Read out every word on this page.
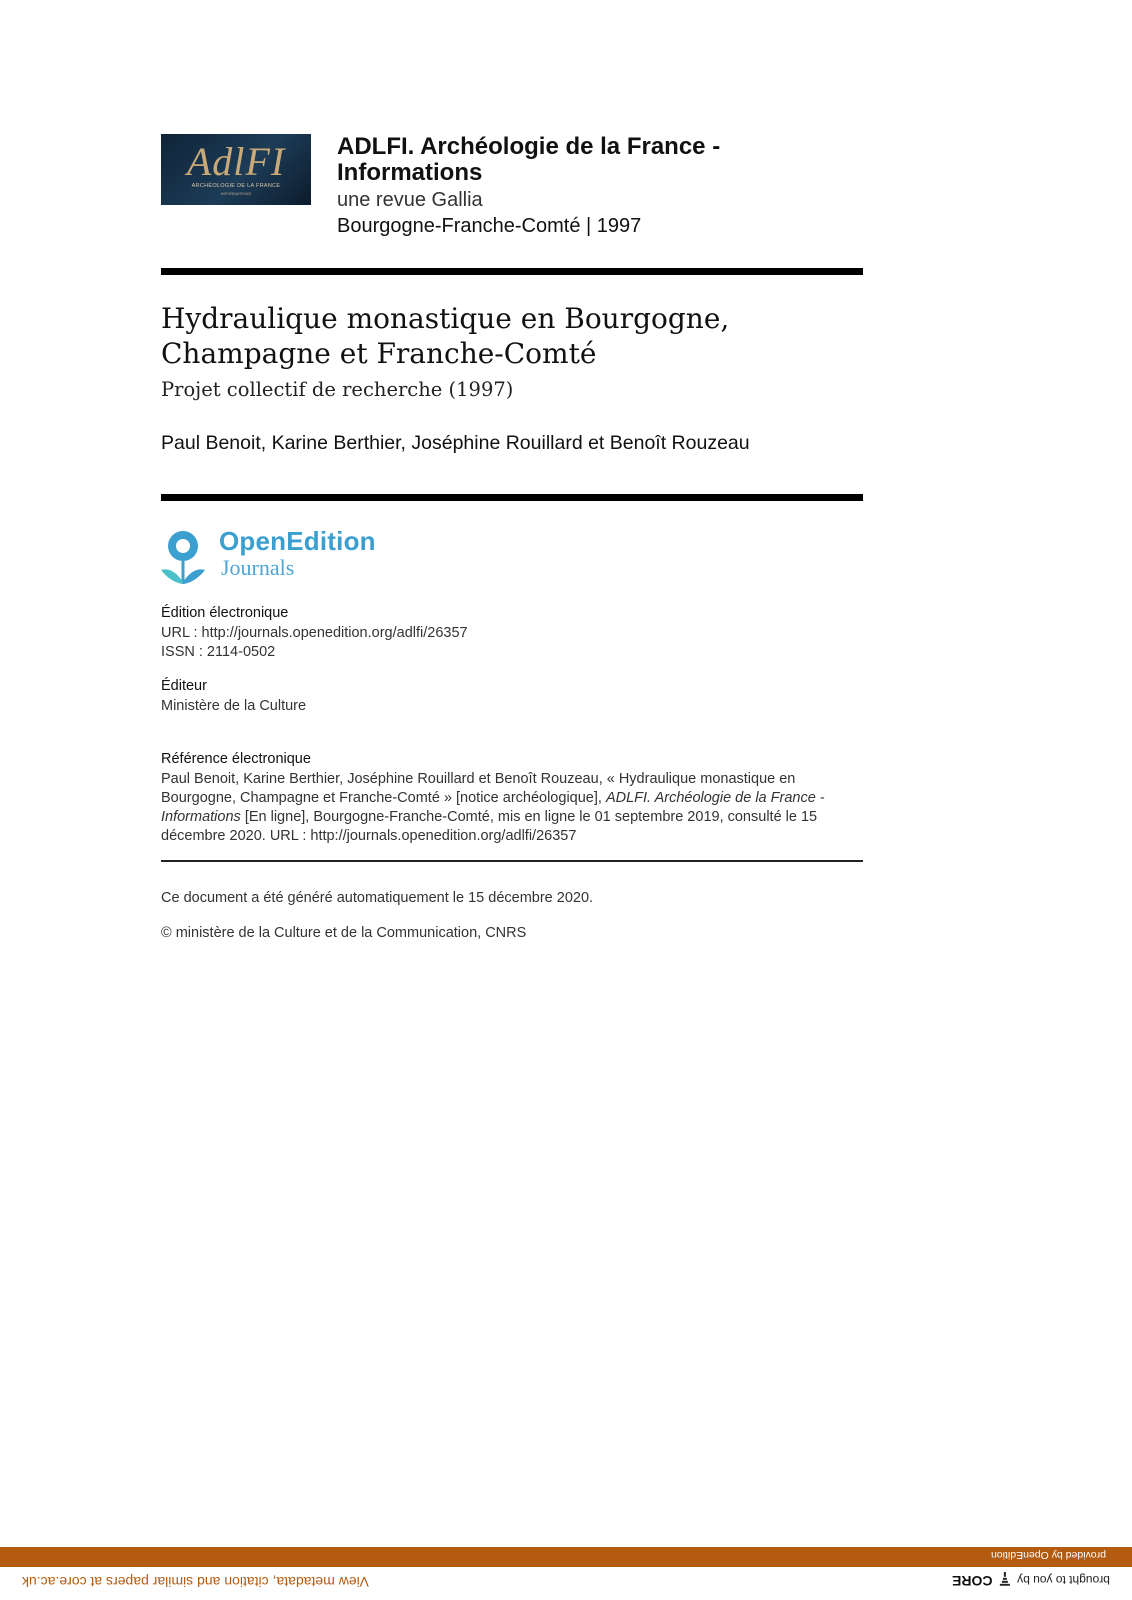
AdlFI
ARCHÉOLOGIE DE LA FRANCE
INFORMATIONS
ADLFI. Archéologie de la France - Informations
une revue Gallia
Bourgogne-Franche-Comté | 1997
Hydraulique monastique en Bourgogne, Champagne et Franche-Comté
Projet collectif de recherche (1997)
Paul Benoit, Karine Berthier, Joséphine Rouillard et Benoît Rouzeau
OpenEdition
Journals
Édition électronique
URL : http://journals.openedition.org/adlfi/26357
ISSN : 2114-0502
Éditeur
Ministère de la Culture
Référence électronique
Paul Benoit, Karine Berthier, Joséphine Rouillard et Benoît Rouzeau, « Hydraulique monastique en Bourgogne, Champagne et Franche-Comté » [notice archéologique], ADLFI. Archéologie de la France - Informations [En ligne], Bourgogne-Franche-Comté, mis en ligne le 01 septembre 2019, consulté le 15 décembre 2020. URL : http://journals.openedition.org/adlfi/26357
Ce document a été généré automatiquement le 15 décembre 2020.
© ministère de la Culture et de la Communication, CNRS
provided by OpenEdition
View metadata, citation and similar papers at core.ac.uk	brought to you by  CORE
